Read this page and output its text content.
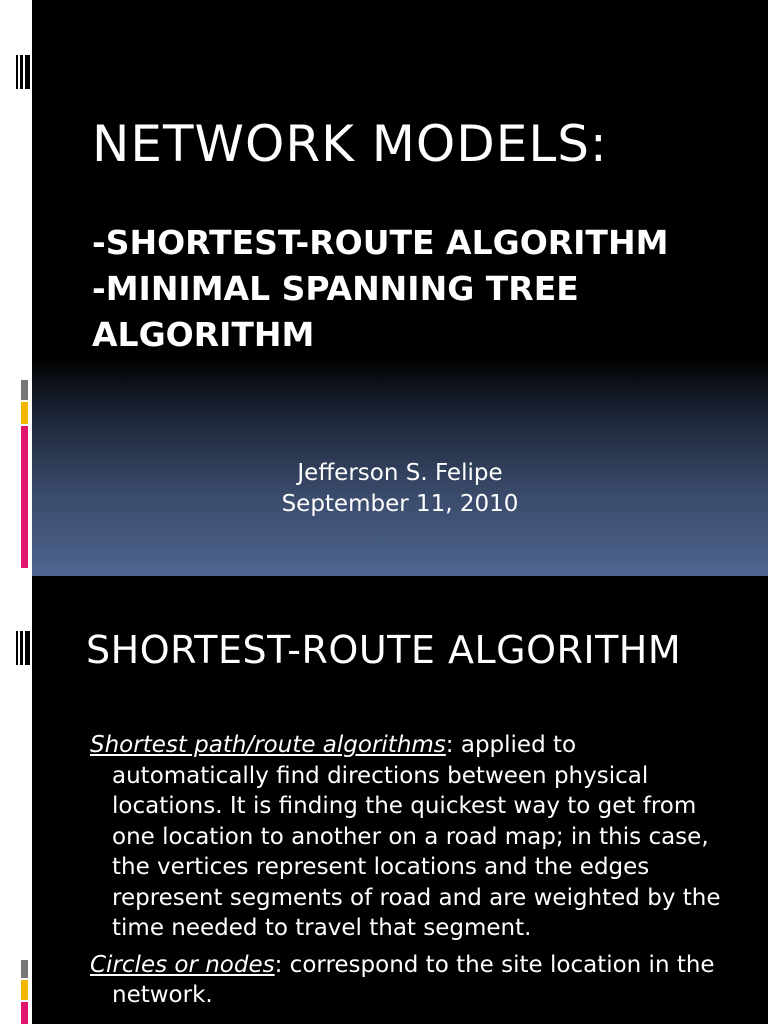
NETWORK MODELS:
-SHORTEST-ROUTE ALGORITHM
-MINIMAL SPANNING TREE
ALGORITHM
Jefferson S. Felipe
September 11, 2010
SHORTEST-ROUTE ALGORITHM

Shortest path/route algorithms: applied to automatically find directions between physical locations. It is finding the quickest way to get from one location to another on a road map; in this case, the vertices represent locations and the edges represent segments of road and are weighted by the time needed to travel that segment.

Circles or nodes: correspond to the site location in the network.
